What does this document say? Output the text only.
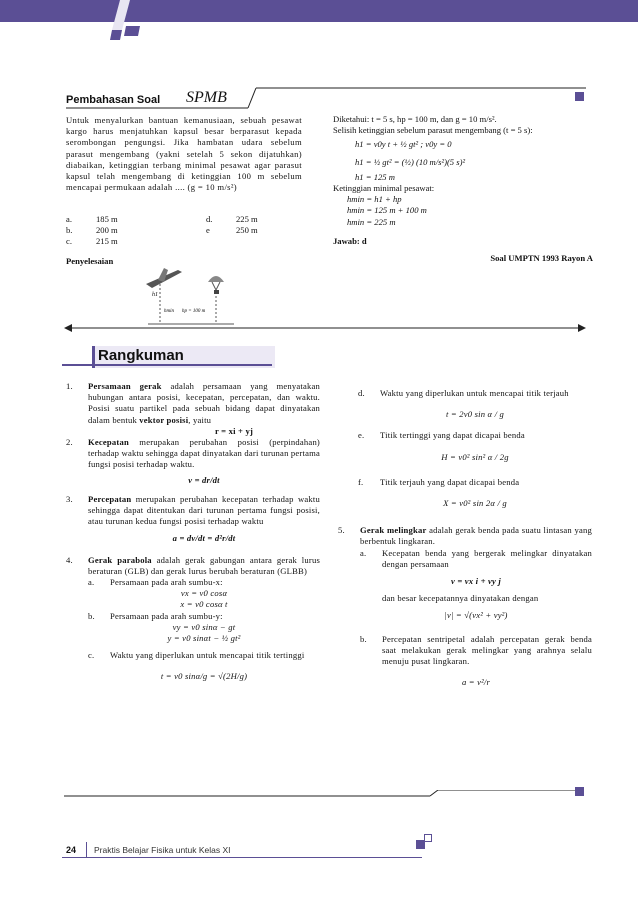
Pembahasan Soal SPMB
Untuk menyalurkan bantuan kemanusiaan, sebuah pesawat kargo harus menjatuhkan kapsul besar berparasut kepada serombongan pengungsi. Jika hambatan udara sebelum parasut mengembang (yakni setelah 5 sekon dijatuhkan) diabaikan, ketinggian terbang minimal pesawat agar parasut kapsul telah mengembang di ketinggian 100 m sebelum mencapai permukaan adalah .... (g = 10 m/s²)
a.	185 m	d.	225 m
b.	200 m	e	250 m
c.	215 m
Penyelesaian
h1
hmin hp = 100 m
Diketahui: t = 5 s, hp = 100 m, dan g = 10 m/s².
Selisih ketinggian sebelum parasut mengembang (t = 5 s):
h1 = v0y t + ½ gt² ; v0y = 0
h1 = ½ gt² = (½) (10 m/s²)(5 s)²
h1 = 125 m
Ketinggian minimal pesawat:
hmin = h1 + hp
hmin = 125 m + 100 m
hmin = 225 m
Jawab: d
Soal UMPTN 1993 Rayon A
Rangkuman
1.	Persamaan gerak adalah persamaan yang menyatakan hubungan antara posisi, kecepatan, percepatan, dan waktu. Posisi suatu partikel pada sebuah bidang dapat dinyatakan dalam bentuk vektor posisi, yaitu
r = xi + yj
2.	Kecepatan merupakan perubahan posisi (perpindahan) terhadap waktu sehingga dapat dinyatakan dari turunan pertama fungsi posisi terhadap waktu.
v = dr/dt
3.	Percepatan merupakan perubahan kecepatan terhadap waktu sehingga dapat ditentukan dari turunan pertama fungsi posisi, atau turunan kedua fungsi posisi terhadap waktu
a = dv/dt = d²r/dt
4.	Gerak parabola adalah gerak gabungan antara gerak lurus beraturan (GLB) dan gerak lurus berubah beraturan (GLBB)
a.	Persamaan pada arah sumbu-x:
vx = v0 cosα
x = v0 cosα t
b.	Persamaan pada arah sumbu-y:
vy = v0 sinα − gt
y = v0 sinαt − ½ gt²
c.	Waktu yang diperlukan untuk mencapai titik tertinggi
t = v0 sinα/g = √(2H/g)
d.	Waktu yang diperlukan untuk mencapai titik terjauh
t = 2v0 sin α / g
e.	Titik tertinggi yang dapat dicapai benda
H = v0² sin² α / 2g
f.	Titik terjauh yang dapat dicapai benda
X = v0² sin 2α / g
5.	Gerak melingkar adalah gerak benda pada suatu lintasan yang berbentuk lingkaran.
a.	Kecepatan benda yang bergerak melingkar dinyatakan dengan persamaan
v = vx i + vy j
dan besar kecepatannya dinyatakan dengan
|v| = √(vx² + vy²)
b.	Percepatan sentripetal adalah percepatan gerak benda saat melakukan gerak melingkar yang arahnya selalu menuju pusat lingkaran.
a = v²/r
24 Praktis Belajar Fisika untuk Kelas XI
